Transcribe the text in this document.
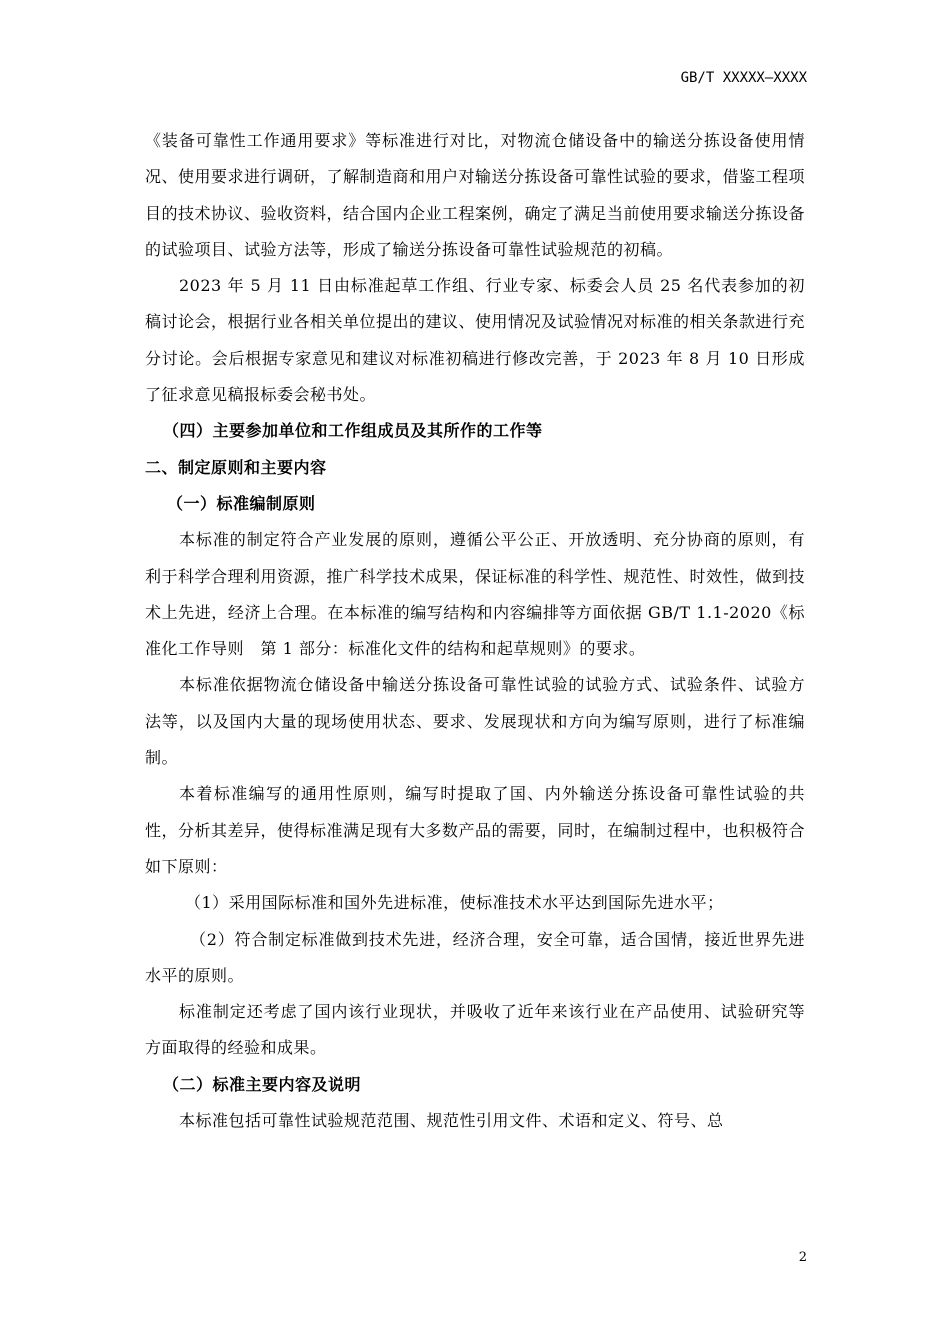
GB/T XXXXX—XXXX

《装备可靠性工作通用要求》等标准进行对比，对物流仓储设备中的输送分拣设备使用情况、使用要求进行调研，了解制造商和用户对输送分拣设备可靠性试验的要求，借鉴工程项目的技术协议、验收资料，结合国内企业工程案例，确定了满足当前使用要求输送分拣设备的试验项目、试验方法等，形成了输送分拣设备可靠性试验规范的初稿。

2023 年 5 月 11 日由标准起草工作组、行业专家、标委会人员 25 名代表参加的初稿讨论会，根据行业各相关单位提出的建议、使用情况及试验情况对标准的相关条款进行充分讨论。会后根据专家意见和建议对标准初稿进行修改完善，于 2023 年 8 月 10 日形成了征求意见稿报标委会秘书处。

（四）主要参加单位和工作组成员及其所作的工作等

二、制定原则和主要内容

（一）标准编制原则

本标准的制定符合产业发展的原则，遵循公平公正、开放透明、充分协商的原则，有利于科学合理利用资源，推广科学技术成果，保证标准的科学性、规范性、时效性，做到技术上先进，经济上合理。在本标准的编写结构和内容编排等方面依据 GB/T 1.1-2020《标准化工作导则　第 1 部分：标准化文件的结构和起草规则》的要求。

本标准依据物流仓储设备中输送分拣设备可靠性试验的试验方式、试验条件、试验方法等，以及国内大量的现场使用状态、要求、发展现状和方向为编写原则，进行了标准编制。

本着标准编写的通用性原则，编写时提取了国、内外输送分拣设备可靠性试验的共性，分析其差异，使得标准满足现有大多数产品的需要，同时，在编制过程中，也积极符合如下原则：

（1）采用国际标准和国外先进标准，使标准技术水平达到国际先进水平；

（2）符合制定标准做到技术先进，经济合理，安全可靠，适合国情，接近世界先进水平的原则。

标准制定还考虑了国内该行业现状，并吸收了近年来该行业在产品使用、试验研究等方面取得的经验和成果。

（二）标准主要内容及说明

本标准包括可靠性试验规范范围、规范性引用文件、术语和定义、符号、总

2
